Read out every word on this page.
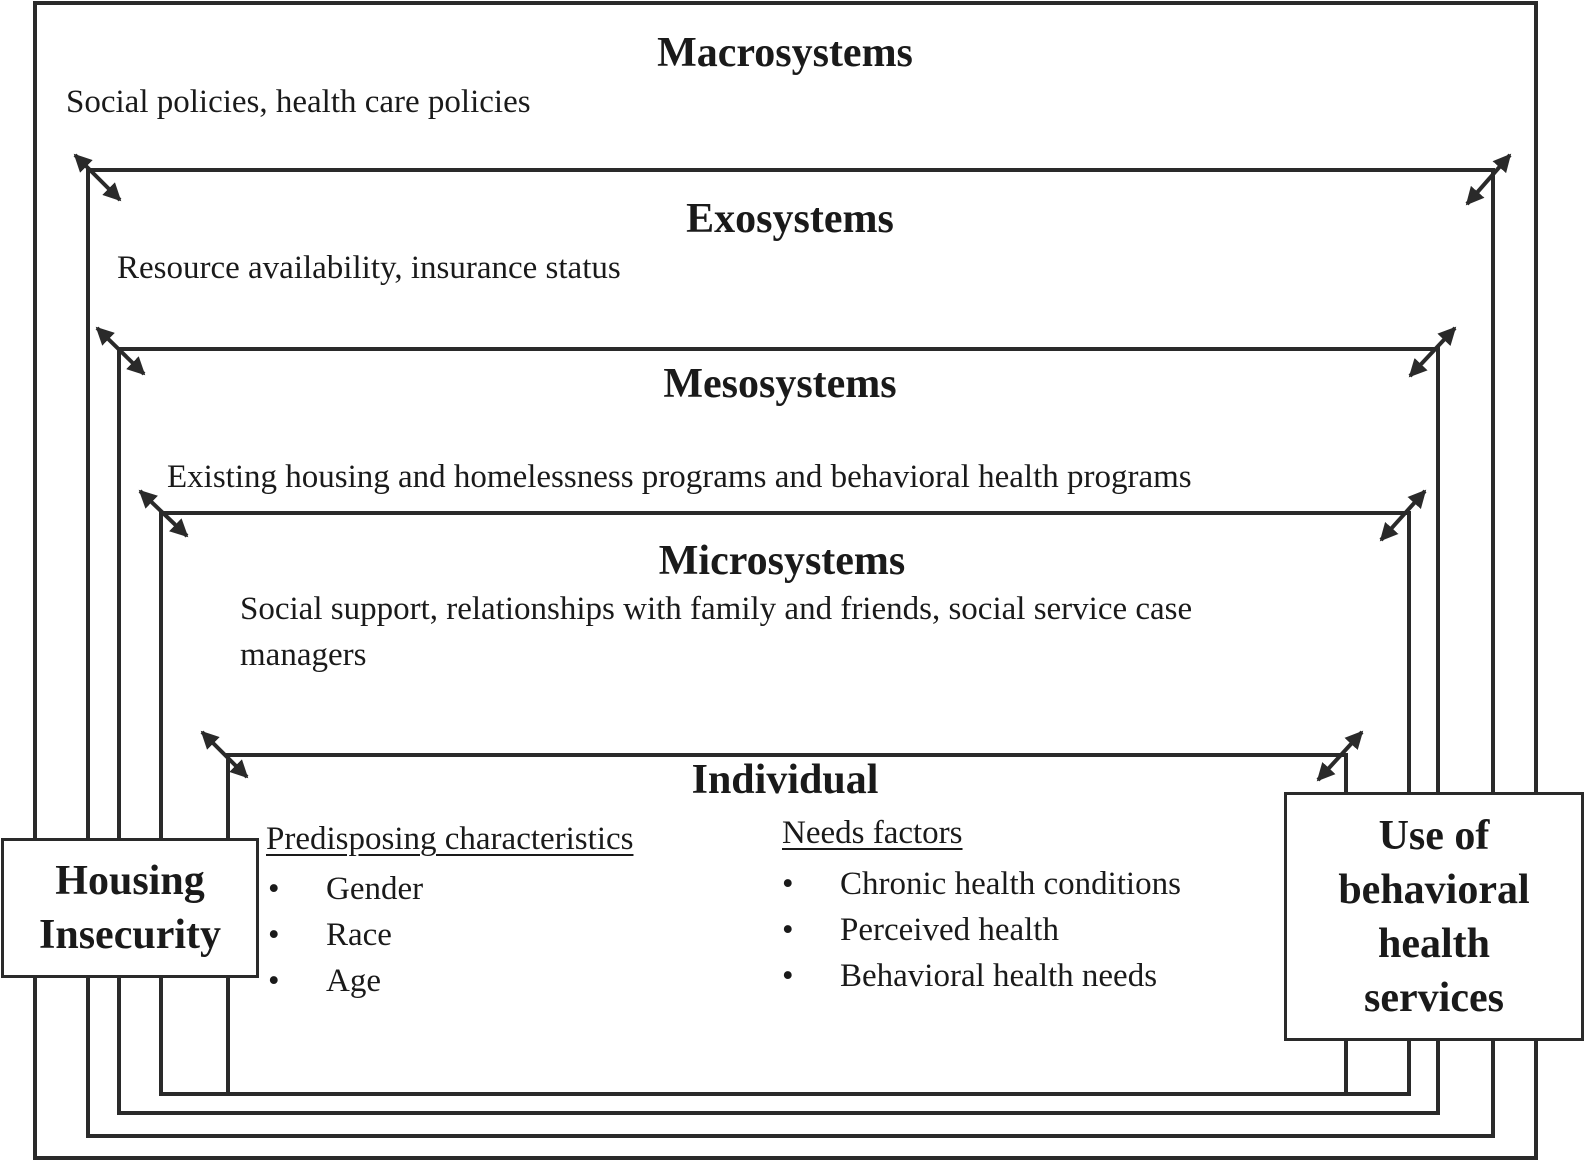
Macrosystems
Social policies, health care policies
Exosystems
Resource availability, insurance status
Mesosystems
Existing housing and homelessness programs and behavioral health programs
Microsystems
Social support, relationships with family and friends, social service case
managers
Individual
Predisposing characteristics
• Gender
• Race
• Age
Needs factors
• Chronic health conditions
• Perceived health
• Behavioral health needs
Housing
Insecurity
Use of
behavioral
health
services
